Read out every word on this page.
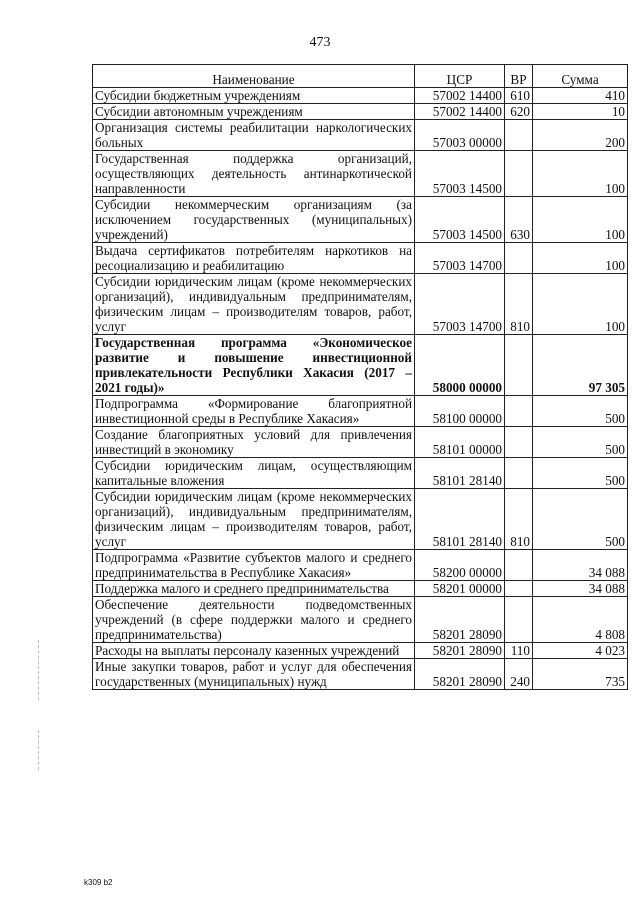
473
Наименование	ЦСР	ВР	Сумма
Субсидии бюджетным учреждениям	57002 14400	610	410
Субсидии автономным учреждениям	57002 14400	620	10
Организация системы реабилитации наркологических больных	57003 00000		200
Государственная поддержка организаций, осуществляющих деятельность антинаркотической направленности	57003 14500		100
Субсидии некоммерческим организациям (за исключением государственных (муниципальных) учреждений)	57003 14500	630	100
Выдача сертификатов потребителям наркотиков на ресоциализацию и реабилитацию	57003 14700		100
Субсидии юридическим лицам (кроме некоммерческих организаций), индивидуальным предпринимателям, физическим лицам – производителям товаров, работ, услуг	57003 14700	810	100
Государственная программа «Экономическое развитие и повышение инвестиционной привлекательности Республики Хакасия (2017 – 2021 годы)»	58000 00000		97 305
Подпрограмма «Формирование благоприятной инвестиционной среды в Республике Хакасия»	58100 00000		500
Создание благоприятных условий для привлечения инвестиций в экономику	58101 00000		500
Субсидии юридическим лицам, осуществляющим капитальные вложения	58101 28140		500
Субсидии юридическим лицам (кроме некоммерческих организаций), индивидуальным предпринимателям, физическим лицам – производителям товаров, работ, услуг	58101 28140	810	500
Подпрограмма «Развитие субъектов малого и среднего предпринимательства в Республике Хакасия»	58200 00000		34 088
Поддержка малого и среднего предпринимательства	58201 00000		34 088
Обеспечение деятельности подведомственных учреждений (в сфере поддержки малого и среднего предпринимательства)	58201 28090		4 808
Расходы на выплаты персоналу казенных учреждений	58201 28090	110	4 023
Иные закупки товаров, работ и услуг для обеспечения государственных (муниципальных) нужд	58201 28090	240	735
k309 b2
